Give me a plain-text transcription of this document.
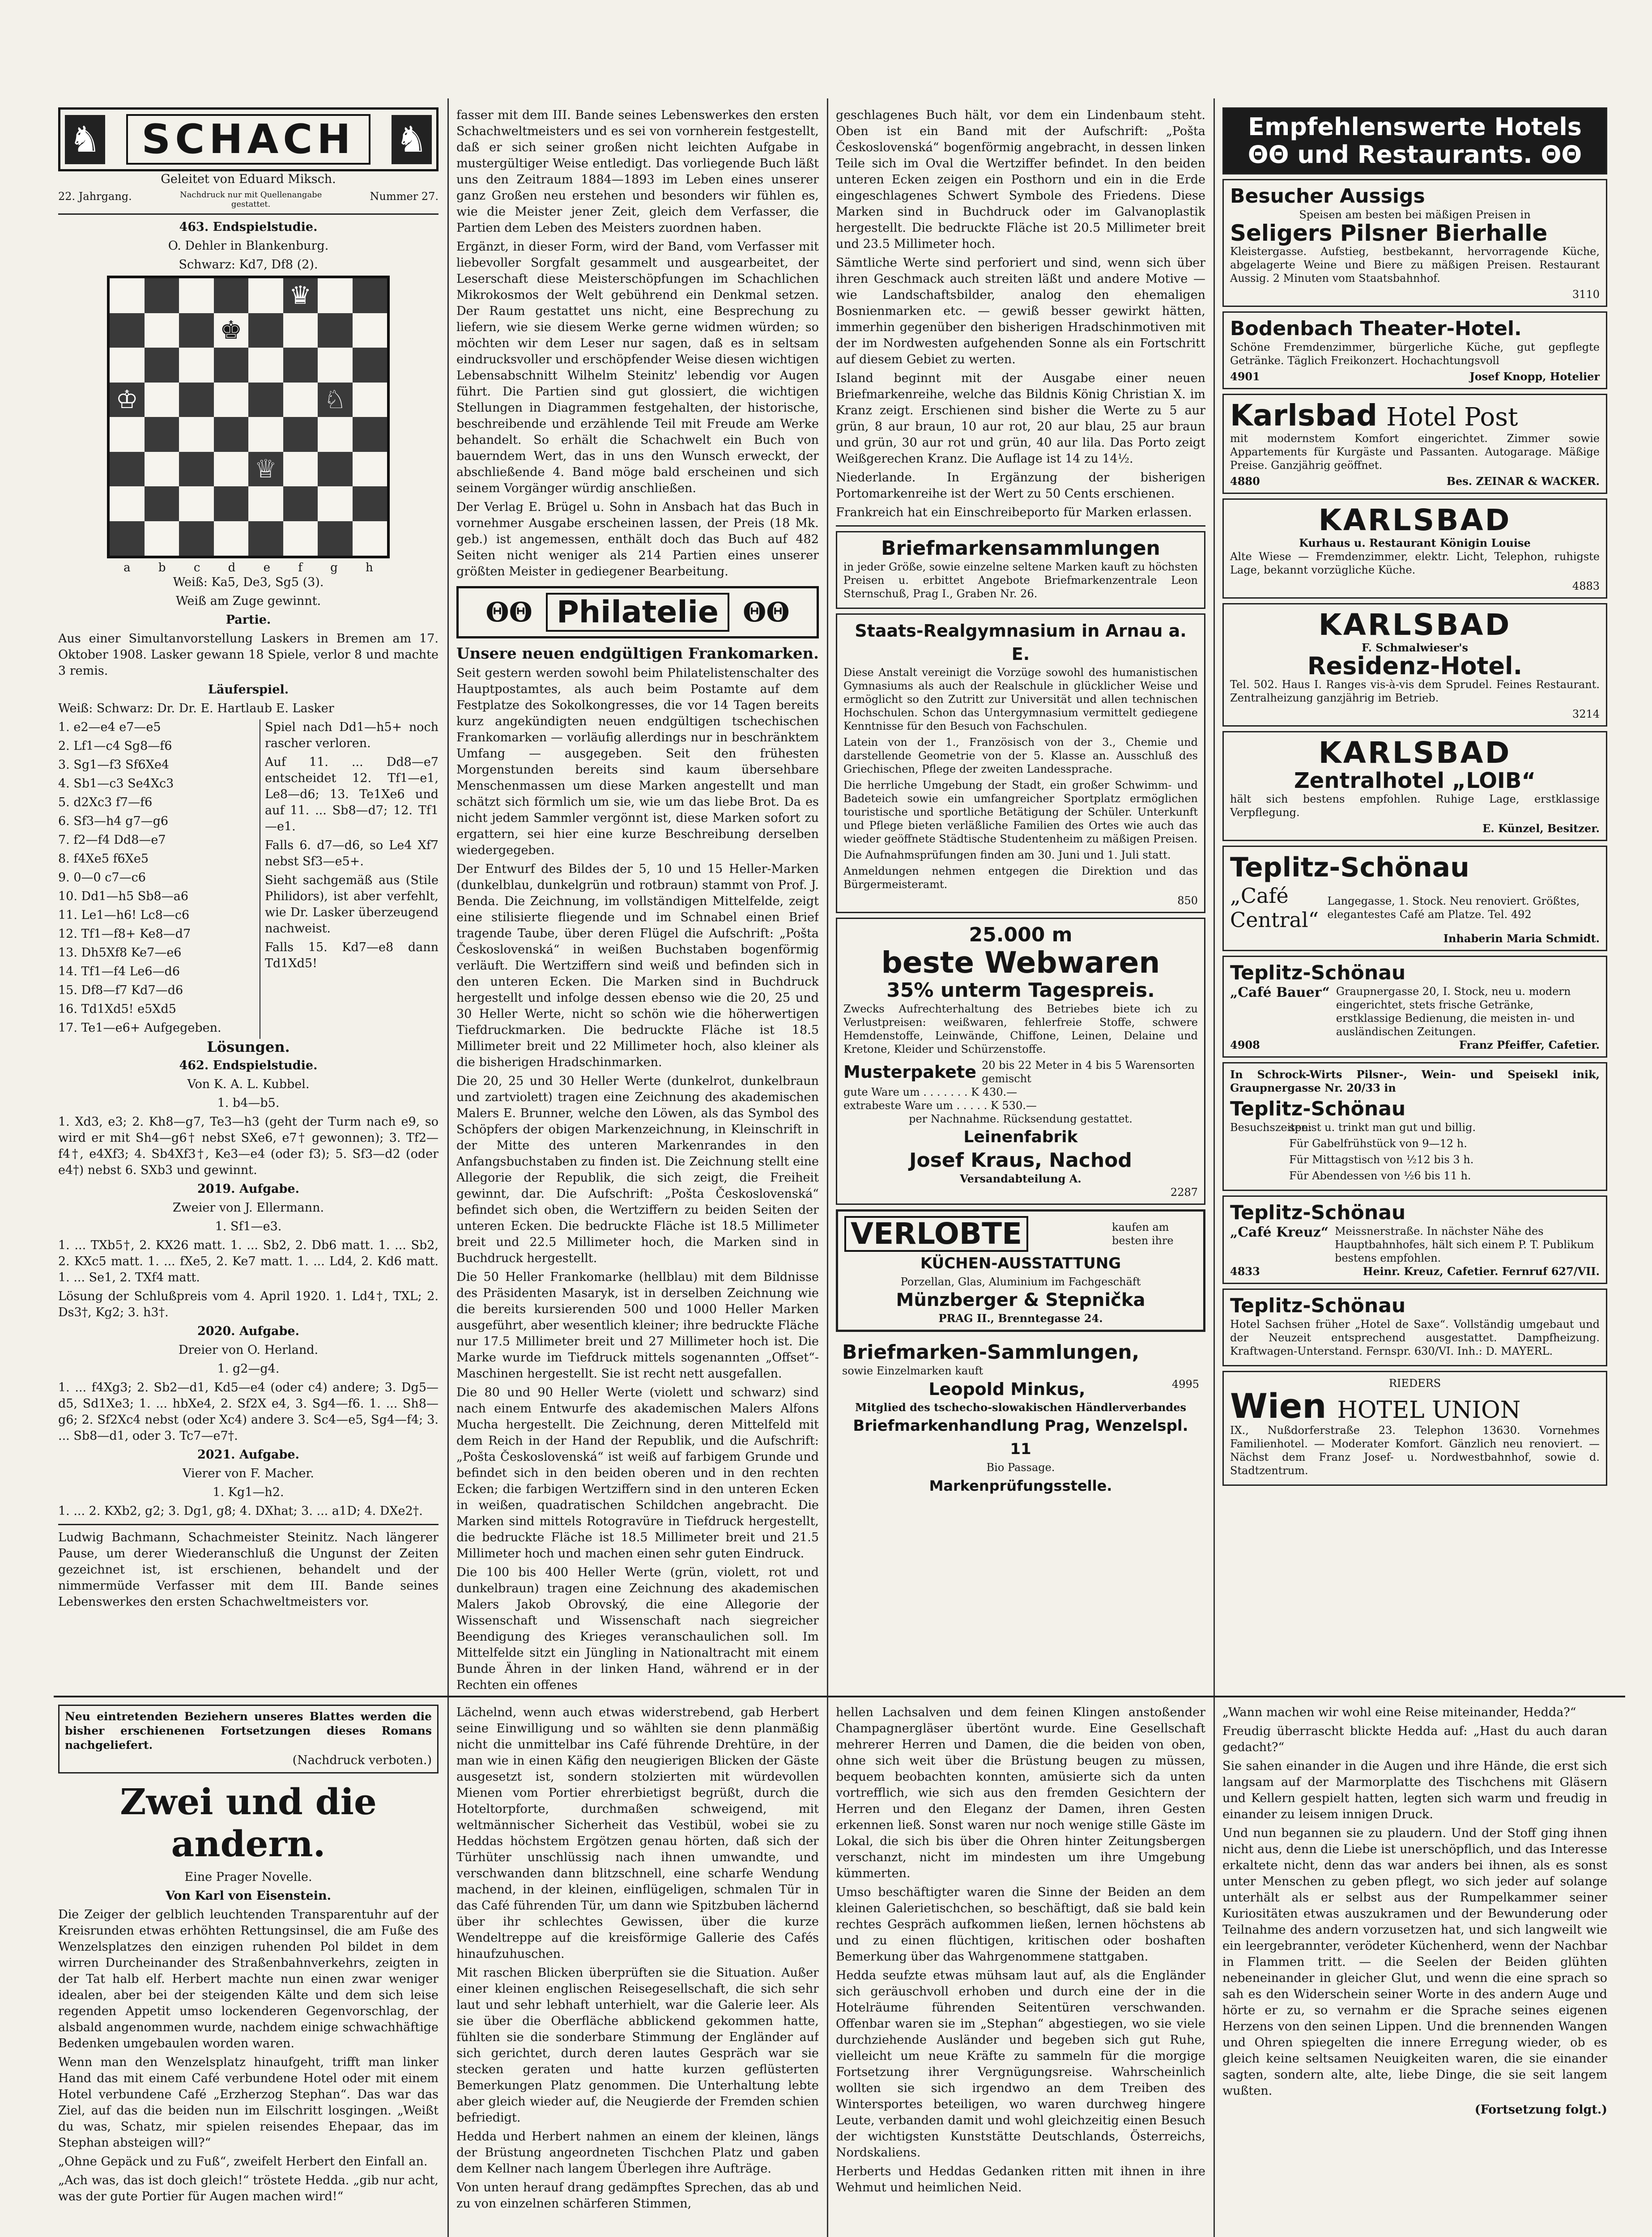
♞	SCHACH	♞

Geleitet von Eduard Miksch.

22. Jahrgang.	Nachdruck nur mit Quellenangabe gestattet.
Nummer 27.

463. Endspielstudie.

O. Dehler in Blankenburg.

Schwarz: Kd7, Df8 (2).

♛
♚
♔	♘
♕
a b c d e f g h

Weiß: Ka5, De3, Sg5 (3).

Weiß am Zuge gewinnt.

Partie.

Aus einer Simultanvorstellung Laskers in Bremen am 17. Oktober 1908. Lasker gewann 18 Spiele, verlor 8 und machte 3 remis.

Läuferspiel.

Weiß: Schwarz: Dr. Dr. E. Hartlaub E. Lasker

1. e2—e4 e7—e5

2. Lf1—c4 Sg8—f6

3. Sg1—f3 Sf6Xe4

4. Sb1—c3 Se4Xc3

5. d2Xc3 f7—f6

6. Sf3—h4 g7—g6

7. f2—f4 Dd8—e7

8. f4Xe5 f6Xe5

9. 0—0 c7—c6

10. Dd1—h5 Sb8—a6

11. Le1—h6! Lc8—c6

12. Tf1—f8+ Ke8—d7

13. Dh5Xf8 Ke7—e6

14. Tf1—f4 Le6—d6

15. Df8—f7 Kd7—d6

16. Td1Xd5! e5Xd5

17. Te1—e6+ Aufgegeben.

Spiel nach Dd1—h5+ noch rascher verloren.

Auf 11. ... Dd8—e7 entscheidet 12. Tf1—e1, Le8—d6; 13. Te1Xe6 und auf 11. ... Sb8—d7; 12. Tf1—e1.

Falls 6. d7—d6, so Le4 Xf7 nebst Sf3—e5+.

Sieht sachgemäß aus (Stile Philidors), ist aber verfehlt, wie Dr. Lasker überzeugend nachweist.

Falls 15. Kd7—e8 dann Td1Xd5!

Lösungen.

462. Endspielstudie.

Von K. A. L. Kubbel.

1. b4—b5.

1. Xd3, e3; 2. Kh8—g7, Te3—h3 (geht der Turm nach e9, so wird er mit Sh4—g6† nebst SXe6, e7† gewonnen); 3. Tf2—f4†, e4Xf3; 4. Sb4Xf3†, Ke3—e4 (oder f3); 5. Sf3—d2 (oder e4†) nebst 6. SXb3 und gewinnt.

2019. Aufgabe.

Zweier von J. Ellermann.

1. Sf1—e3.

1. ... TXb5†, 2. KX26 matt. 1. ... Sb2, 2. Db6 matt. 1. ... Sb2, 2. KXc5 matt. 1. ... fXe5, 2. Ke7 matt. 1. ... Ld4, 2. Kd6 matt. 1. ... Se1, 2. TXf4 matt.

Lösung der Schlußpreis vom 4. April 1920. 1. Ld4†, TXL; 2. Ds3†, Kg2; 3. h3†.

2020. Aufgabe.

Dreier von O. Herland.

1. g2—g4.

1. ... f4Xg3; 2. Sb2—d1, Kd5—e4 (oder c4) andere; 3. Dg5—d5, Sd1Xe3; 1. ... hbXe4, 2. Sf2X e4, 3. Sg4—f6. 1. ... Sh8—g6; 2. Sf2Xc4 nebst (oder Xc4) andere 3. Sc4—e5, Sg4—f4; 3. ... Sb8—d1, oder 3. Tc7—e7†.

2021. Aufgabe.

Vierer von F. Macher.

1. Kg1—h2.

1. ... 2. KXb2, g2; 3. Dg1, g8; 4. DXhat; 3. ... a1D; 4. DXe2†.

Ludwig Bachmann, Schachmeister Steinitz. Nach längerer Pause, um derer Wiederanschluß die Ungunst der Zeiten gezeichnet ist, ist erschienen, behandelt und der nimmermüde Verfasser mit dem III. Bande seines Lebenswerkes den ersten Schachweltmeisters vor.

fasser mit dem III. Bande seines Lebenswerkes den ersten Schachweltmeisters und es sei von vornherein festgestellt, daß er sich seiner großen nicht leichten Aufgabe in mustergültiger Weise entledigt. Das vorliegende Buch läßt uns den Zeitraum 1884—1893 im Leben eines unserer ganz Großen neu erstehen und besonders wir fühlen es, wie die Meister jener Zeit, gleich dem Verfasser, die Partien dem Leben des Meisters zuordnen haben.

Ergänzt, in dieser Form, wird der Band, vom Verfasser mit liebevoller Sorgfalt gesammelt und ausgearbeitet, der Leserschaft diese Meisterschöpfungen im Schachlichen Mikrokosmos der Welt gebührend ein Denkmal setzen. Der Raum gestattet uns nicht, eine Besprechung zu liefern, wie sie diesem Werke gerne widmen würden; so möchten wir dem Leser nur sagen, daß es in seltsam eindrucksvoller und erschöpfender Weise diesen wichtigen Lebensabschnitt Wilhelm Steinitz' lebendig vor Augen führt. Die Partien sind gut glossiert, die wichtigen Stellungen in Diagrammen festgehalten, der historische, beschreibende und erzählende Teil mit Freude am Werke behandelt. So erhält die Schachwelt ein Buch von bauerndem Wert, das in uns den Wunsch erweckt, der abschließende 4. Band möge bald erscheinen und sich seinem Vorgänger würdig anschließen.

Der Verlag E. Brügel u. Sohn in Ansbach hat das Buch in vornehmer Ausgabe erscheinen lassen, der Preis (18 Mk. geb.) ist angemessen, enthält doch das Buch auf 482 Seiten nicht weniger als 214 Partien eines unserer größten Meister in gediegener Bearbeitung.

ΘΘ Philatelie ΘΘ

Unsere neuen endgültigen Frankomarken.

Seit gestern werden sowohl beim Philatelistenschalter des Hauptpostamtes, als auch beim Postamte auf dem Festplatze des Sokolkongresses, die vor 14 Tagen bereits kurz angekündigten neuen endgültigen tschechischen Frankomarken — vorläufig allerdings nur in beschränktem Umfang — ausgegeben. Seit den frühesten Morgenstunden bereits sind kaum übersehbare Menschenmassen um diese Marken angestellt und man schätzt sich förmlich um sie, wie um das liebe Brot. Da es nicht jedem Sammler vergönnt ist, diese Marken sofort zu ergattern, sei hier eine kurze Beschreibung derselben wiedergegeben.

Der Entwurf des Bildes der 5, 10 und 15 Heller-Marken (dunkelblau, dunkelgrün und rotbraun) stammt von Prof. J. Benda. Die Zeichnung, im vollständigen Mittelfelde, zeigt eine stilisierte fliegende und im Schnabel einen Brief tragende Taube, über deren Flügel die Aufschrift: „Pošta Československá“ in weißen Buchstaben bogenförmig verläuft. Die Wertziffern sind weiß und befinden sich in den unteren Ecken. Die Marken sind in Buchdruck hergestellt und infolge dessen ebenso wie die 20, 25 und 30 Heller Werte, nicht so schön wie die höherwertigen Tiefdruckmarken. Die bedruckte Fläche ist 18.5 Millimeter breit und 22 Millimeter hoch, also kleiner als die bisherigen Hradschinmarken.

Die 20, 25 und 30 Heller Werte (dunkelrot, dunkelbraun und zartviolett) tragen eine Zeichnung des akademischen Malers E. Brunner, welche den Löwen, als das Symbol des Schöpfers der obigen Markenzeichnung, in Kleinschrift in der Mitte des unteren Markenrandes in den Anfangsbuchstaben zu finden ist. Die Zeichnung stellt eine Allegorie der Republik, die sich zeigt, die Freiheit gewinnt, dar. Die Aufschrift: „Pošta Československá“ befindet sich oben, die Wertziffern zu beiden Seiten der unteren Ecken. Die bedruckte Fläche ist 18.5 Millimeter breit und 22.5 Millimeter hoch, die Marken sind in Buchdruck hergestellt.

Die 50 Heller Frankomarke (hellblau) mit dem Bildnisse des Präsidenten Masaryk, ist in derselben Zeichnung wie die bereits kursierenden 500 und 1000 Heller Marken ausgeführt, aber wesentlich kleiner; ihre bedruckte Fläche nur 17.5 Millimeter breit und 27 Millimeter hoch ist. Die Marke wurde im Tiefdruck mittels sogenannten „Offset“-Maschinen hergestellt. Sie ist recht nett ausgefallen.

Die 80 und 90 Heller Werte (violett und schwarz) sind nach einem Entwurfe des akademischen Malers Alfons Mucha hergestellt. Die Zeichnung, deren Mittelfeld mit dem Reich in der Hand der Republik, und die Aufschrift: „Pošta Československá“ ist weiß auf farbigem Grunde und befindet sich in den beiden oberen und in den rechten Ecken; die farbigen Wertziffern sind in den unteren Ecken in weißen, quadratischen Schildchen angebracht. Die Marken sind mittels Rotogravüre in Tiefdruck hergestellt, die bedruckte Fläche ist 18.5 Millimeter breit und 21.5 Millimeter hoch und machen einen sehr guten Eindruck.

Die 100 bis 400 Heller Werte (grün, violett, rot und dunkelbraun) tragen eine Zeichnung des akademischen Malers Jakob Obrovský, die eine Allegorie der Wissenschaft und Wissenschaft nach siegreicher Beendigung des Krieges veranschaulichen soll. Im Mittelfelde sitzt ein Jüngling in Nationaltracht mit einem Bunde Ähren in der linken Hand, während er in der Rechten ein offenes

geschlagenes Buch hält, vor dem ein Lindenbaum steht. Oben ist ein Band mit der Aufschrift: „Pošta Československá“ bogenförmig angebracht, in dessen linken Teile sich im Oval die Wertziffer befindet. In den beiden unteren Ecken zeigen ein Posthorn und ein in die Erde eingeschlagenes Schwert Symbole des Friedens. Diese Marken sind in Buchdruck oder im Galvanoplastik hergestellt. Die bedruckte Fläche ist 20.5 Millimeter breit und 23.5 Millimeter hoch.

Sämtliche Werte sind perforiert und sind, wenn sich über ihren Geschmack auch streiten läßt und andere Motive — wie Landschaftsbilder, analog den ehemaligen Bosnienmarken etc. — gewiß besser gewirkt hätten, immerhin gegenüber den bisherigen Hradschinmotiven mit der im Nordwesten aufgehenden Sonne als ein Fortschritt auf diesem Gebiet zu werten.

Island beginnt mit der Ausgabe einer neuen Briefmarkenreihe, welche das Bildnis König Christian X. im Kranz zeigt. Erschienen sind bisher die Werte zu 5 aur grün, 8 aur braun, 10 aur rot, 20 aur blau, 25 aur braun und grün, 30 aur rot und grün, 40 aur lila. Das Porto zeigt Weißgerechen Kranz. Die Auflage ist 14 zu 14½.

Niederlande. In Ergänzung der bisherigen Portomarkenreihe ist der Wert zu 50 Cents erschienen.

Frankreich hat ein Einschreibeporto für Marken erlassen.

Briefmarkensammlungen

in jeder Größe, sowie einzelne seltene Marken kauft zu höchsten Preisen u. erbittet Angebote Briefmarkenzentrale Leon Sternschuß, Prag I., Graben Nr. 26.

Staats-Realgymnasium in Arnau a. E.

Diese Anstalt vereinigt die Vorzüge sowohl des humanistischen Gymnasiums als auch der Realschule in glücklicher Weise und ermöglicht so den Zutritt zur Universität und allen technischen Hochschulen. Schon das Untergymnasium vermittelt gediegene Kenntnisse für den Besuch von Fachschulen.

Latein von der 1., Französisch von der 3., Chemie und darstellende Geometrie von der 5. Klasse an. Ausschluß des Griechischen, Pflege der zweiten Landessprache.

Die herrliche Umgebung der Stadt, ein großer Schwimm- und Badeteich sowie ein umfangreicher Sportplatz ermöglichen touristische und sportliche Betätigung der Schüler. Unterkunft und Pflege bieten verläßliche Familien des Ortes wie auch das wieder geöffnete Städtische Studentenheim zu mäßigen Preisen.

Die Aufnahmsprüfungen finden am 30. Juni und 1. Juli statt.

Anmeldungen nehmen entgegen die Direktion und das Bürgermeisteramt.

850
25.000 m
beste Webwaren
35% unterm Tagespreis.

Zwecks Aufrechterhaltung des Betriebes biete ich zu Verlustpreisen: weißwaren, fehlerfreie Stoffe, schwere Hemdenstoffe, Leinwände, Chiffone, Leinen, Delaine und Kretone, Kleider und Schürzenstoffe.

Musterpakete 20 bis 22 Meter in 4 bis 5 Warensorten gemischt
gute Ware um . . . . . . . K 430.—
extrabeste Ware um . . . . . K 530.—
per Nachnahme. Rücksendung gestattet.
Leinenfabrik
Josef Kraus, Nachod
Versandabteilung A.
2287
VERLOBTE	kaufen am besten ihre
KÜCHEN-AUSSTATTUNG
Porzellan, Glas, Aluminium im Fachgeschäft
Münzberger & Stepnička
PRAG II., Brenntegasse 24.
Briefmarken-Sammlungen,
sowie Einzelmarken kauft
Leopold Minkus,	4995
Mitglied des tschecho-slowakischen Händlerverbandes
Briefmarkenhandlung Prag, Wenzelspl. 11
Bio Passage.
Markenprüfungsstelle.
Empfehlenswerte Hotels ΘΘ und Restaurants. ΘΘ
Besucher Aussigs
Speisen am besten bei mäßigen Preisen in
Seligers Pilsner Bierhalle

Kleistergasse. Aufstieg, bestbekannt, hervorragende Küche, abgelagerte Weine und Biere zu mäßigen Preisen. Restaurant Aussig. 2 Minuten vom Staatsbahnhof.

3110
Bodenbach Theater-Hotel.

Schöne Fremdenzimmer, bürgerliche Küche, gut gepflegte Getränke. Täglich Freikonzert. Hochachtungsvoll

4901	Josef Knopp, Hotelier
Karlsbad Hotel Post

mit modernstem Komfort eingerichtet. Zimmer sowie Appartements für Kurgäste und Passanten. Autogarage. Mäßige Preise. Ganzjährig geöffnet.

4880	Bes. ZEINAR & WACKER.
KARLSBAD
Kurhaus u. Restaurant Königin Louise

Alte Wiese — Fremdenzimmer, elektr. Licht, Telephon, ruhigste Lage, bekannt vorzügliche Küche.

4883
KARLSBAD
F. Schmalwieser's
Residenz-Hotel.

Tel. 502. Haus I. Ranges vis-à-vis dem Sprudel. Feines Restaurant. Zentralheizung ganzjährig im Betrieb.

3214
KARLSBAD
Zentralhotel „LOIB“

hält sich bestens empfohlen. Ruhige Lage, erstklassige Verpflegung.

E. Künzel, Besitzer.
Teplitz-Schönau
„Café Central“
Langegasse, 1. Stock. Neu renoviert. Größtes, elegantestes Café am Platze. Tel. 492
Inhaberin Maria Schmidt.
Teplitz-Schönau
„Café Bauer“ Graupnergasse 20, I. Stock, neu u. modern eingerichtet, stets frische Getränke, erstklassige Bedienung, die meisten in- und ausländischen Zeitungen.
4908	Franz Pfeiffer, Cafetier.

In Schrock-Wirts Pilsner-, Wein- und Speisekl inik, Graupnergasse Nr. 20/33 in

Teplitz-Schönau
Besuchszeiten:

speist u. trinkt man gut und billig.

Für Gabelfrühstück von 9—12 h.

Für Mittagstisch von ½12 bis 3 h.

Für Abendessen von ½6 bis 11 h.

Teplitz-Schönau
„Café Kreuz“ Meissnerstraße. In nächster Nähe des Hauptbahnhofes, hält sich einem P. T. Publikum bestens empfohlen.
4833	Heinr. Kreuz, Cafetier. Fernruf 627/VII.
Teplitz-Schönau

Hotel Sachsen früher „Hotel de Saxe“. Vollständig umgebaut und der Neuzeit entsprechend ausgestattet. Dampfheizung. Kraftwagen-Unterstand. Fernspr. 630/VI. Inh.: D. MAYERL.

RIEDERS
Wien HOTEL UNION

IX., Nußdorferstraße 23. Telephon 13630. Vornehmes Familienhotel. — Moderater Komfort. Gänzlich neu renoviert. — Nächst dem Franz Josef- u. Nordwestbahnhof, sowie d. Stadtzentrum.

Neu eintretenden Beziehern unseres Blattes werden die bisher erschienenen Fortsetzungen dieses Romans nachgeliefert.

(Nachdruck verboten.)

Zwei und die andern.

Eine Prager Novelle.

Von Karl von Eisenstein.

Die Zeiger der gelblich leuchtenden Transparentuhr auf der Kreisrunden etwas erhöhten Rettungsinsel, die am Fuße des Wenzelsplatzes den einzigen ruhenden Pol bildet in dem wirren Durcheinander des Straßenbahnverkehrs, zeigten in der Tat halb elf. Herbert machte nun einen zwar weniger idealen, aber bei der steigenden Kälte und dem sich leise regenden Appetit umso lockenderen Gegenvorschlag, der alsbald angenommen wurde, nachdem einige schwachhäftige Bedenken umgebaulen worden waren.

Wenn man den Wenzelsplatz hinaufgeht, trifft man linker Hand das mit einem Café verbundene Hotel oder mit einem Hotel verbundene Café „Erzherzog Stephan“. Das war das Ziel, auf das die beiden nun im Eilschritt losgingen. „Weißt du was, Schatz, mir spielen reisendes Ehepaar, das im Stephan absteigen will?“

„Ohne Gepäck und zu Fuß“, zweifelt Herbert den Einfall an.

„Ach was, das ist doch gleich!“ tröstete Hedda. „gib nur acht, was der gute Portier für Augen machen wird!“

Lächelnd, wenn auch etwas widerstrebend, gab Herbert seine Einwilligung und so wählten sie denn planmäßig nicht die unmittelbar ins Café führende Drehtüre, in der man wie in einen Käfig den neugierigen Blicken der Gäste ausgesetzt ist, sondern stolzierten mit würdevollen Mienen vom Portier ehrerbietigst begrüßt, durch die Hoteltorpforte, durchmaßen schweigend, mit weltmännischer Sicherheit das Vestibül, wobei sie zu Heddas höchstem Ergötzen genau hörten, daß sich der Türhüter unschlüssig nach ihnen umwandte, und verschwanden dann blitzschnell, eine scharfe Wendung machend, in der kleinen, einflügeligen, schmalen Tür in das Café führenden Tür, um dann wie Spitzbuben lächernd über ihr schlechtes Gewissen, über die kurze Wendeltreppe auf die kreisförmige Gallerie des Cafés hinaufzuhuschen.

Mit raschen Blicken überprüften sie die Situation. Außer einer kleinen englischen Reisegesellschaft, die sich sehr laut und sehr lebhaft unterhielt, war die Galerie leer. Als sie über die Oberfläche abblickend gekommen hatte, fühlten sie die sonderbare Stimmung der Engländer auf sich gerichtet, durch deren lautes Gespräch war sie stecken geraten und hatte kurzen geflüsterten Bemerkungen Platz genommen. Die Unterhaltung lebte aber gleich wieder auf, die Neugierde der Fremden schien befriedigt.

Hedda und Herbert nahmen an einem der kleinen, längs der Brüstung angeordneten Tischchen Platz und gaben dem Kellner nach langem Überlegen ihre Aufträge.

Von unten herauf drang gedämpftes Sprechen, das ab und zu von einzelnen schärferen Stimmen,

hellen Lachsalven und dem feinen Klingen anstoßender Champagnergläser übertönt wurde. Eine Gesellschaft mehrerer Herren und Damen, die die beiden von oben, ohne sich weit über die Brüstung beugen zu müssen, bequem beobachten konnten, amüsierte sich da unten vortrefflich, wie sich aus den fremden Gesichtern der Herren und den Eleganz der Damen, ihren Gesten erkennen ließ. Sonst waren nur noch wenige stille Gäste im Lokal, die sich bis über die Ohren hinter Zeitungsbergen verschanzt, nicht im mindesten um ihre Umgebung kümmerten.

Umso beschäftigter waren die Sinne der Beiden an dem kleinen Galerietischchen, so beschäftigt, daß sie bald kein rechtes Gespräch aufkommen ließen, lernen höchstens ab und zu einen flüchtigen, kritischen oder boshaften Bemerkung über das Wahrgenommene stattgaben.

Hedda seufzte etwas mühsam laut auf, als die Engländer sich geräuschvoll erhoben und durch eine der in die Hotelräume führenden Seitentüren verschwanden. Offenbar waren sie im „Stephan“ abgestiegen, wo sie viele durchziehende Ausländer und begeben sich gut Ruhe, vielleicht um neue Kräfte zu sammeln für die morgige Fortsetzung ihrer Vergnügungsreise. Wahrscheinlich wollten sie sich irgendwo an dem Treiben des Wintersportes beteiligen, wo waren durchweg hingere Leute, verbanden damit und wohl gleichzeitig einen Besuch der wichtigsten Kunststätte Deutschlands, Österreichs, Nordskaliens.

Herberts und Heddas Gedanken ritten mit ihnen in ihre Wehmut und heimlichen Neid.

„Wann machen wir wohl eine Reise miteinander, Hedda?“

Freudig überrascht blickte Hedda auf: „Hast du auch daran gedacht?“

Sie sahen einander in die Augen und ihre Hände, die erst sich langsam auf der Marmorplatte des Tischchens mit Gläsern und Kellern gespielt hatten, legten sich warm und freudig in einander zu leisem innigen Druck.

Und nun begannen sie zu plaudern. Und der Stoff ging ihnen nicht aus, denn die Liebe ist unerschöpflich, und das Interesse erkaltete nicht, denn das war anders bei ihnen, als es sonst unter Menschen zu geben pflegt, wo sich jeder auf solange unterhält als er selbst aus der Rumpelkammer seiner Kuriositäten etwas auszukramen und der Bewunderung oder Teilnahme des andern vorzusetzen hat, und sich langweilt wie ein leergebrannter, verödeter Küchenherd, wenn der Nachbar in Flammen tritt. — die Seelen der Beiden glühten nebeneinander in gleicher Glut, und wenn die eine sprach so sah es den Widerschein seiner Worte in des andern Auge und hörte er zu, so vernahm er die Sprache seines eigenen Herzens von den seinen Lippen. Und die brennenden Wangen und Ohren spiegelten die innere Erregung wieder, ob es gleich keine seltsamen Neuigkeiten waren, die sie einander sagten, sondern alte, alte, liebe Dinge, die sie seit langem wußten.

(Fortsetzung folgt.)
